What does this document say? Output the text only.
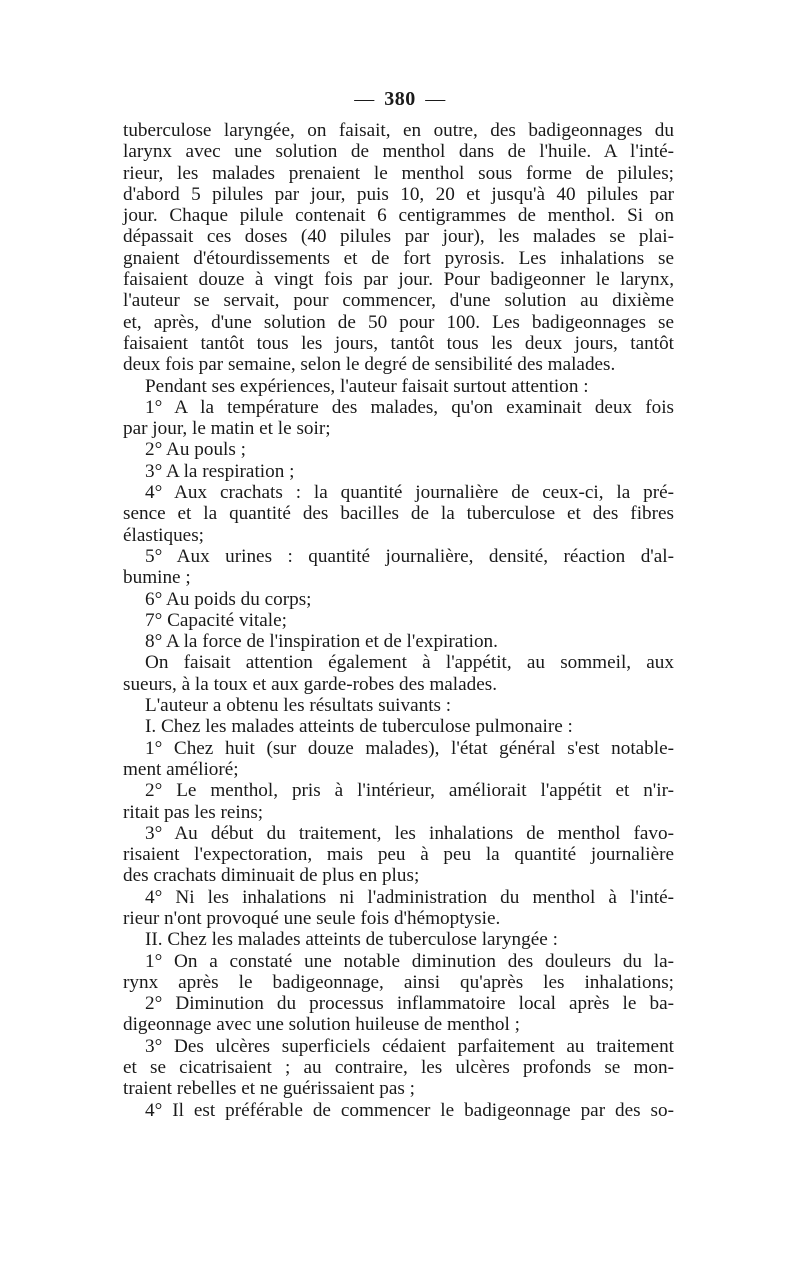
— 380 —
tuberculose laryngée, on faisait, en outre, des badigeonnages du
larynx avec une solution de menthol dans de l'huile. A l'inté-
rieur, les malades prenaient le menthol sous forme de pilules;
d'abord 5 pilules par jour, puis 10, 20 et jusqu'à 40 pilules par
jour. Chaque pilule contenait 6 centigrammes de menthol. Si on
dépassait ces doses (40 pilules par jour), les malades se plai-
gnaient d'étourdissements et de fort pyrosis. Les inhalations se
faisaient douze à vingt fois par jour. Pour badigeonner le larynx,
l'auteur se servait, pour commencer, d'une solution au dixième
et, après, d'une solution de 50 pour 100. Les badigeonnages se
faisaient tantôt tous les jours, tantôt tous les deux jours, tantôt
deux fois par semaine, selon le degré de sensibilité des malades.
Pendant ses expériences, l'auteur faisait surtout attention :
1° A la température des malades, qu'on examinait deux fois
par jour, le matin et le soir;
2° Au pouls ;
3° A la respiration ;
4° Aux crachats : la quantité journalière de ceux-ci, la pré-
sence et la quantité des bacilles de la tuberculose et des fibres
élastiques;
5° Aux urines : quantité journalière, densité, réaction d'al-
bumine ;
6° Au poids du corps;
7° Capacité vitale;
8° A la force de l'inspiration et de l'expiration.
On faisait attention également à l'appétit, au sommeil, aux
sueurs, à la toux et aux garde-robes des malades.
L'auteur a obtenu les résultats suivants :
I. Chez les malades atteints de tuberculose pulmonaire :
1° Chez huit (sur douze malades), l'état général s'est notable-
ment amélioré;
2° Le menthol, pris à l'intérieur, améliorait l'appétit et n'ir-
ritait pas les reins;
3° Au début du traitement, les inhalations de menthol favo-
risaient l'expectoration, mais peu à peu la quantité journalière
des crachats diminuait de plus en plus;
4° Ni les inhalations ni l'administration du menthol à l'inté-
rieur n'ont provoqué une seule fois d'hémoptysie.
II. Chez les malades atteints de tuberculose laryngée :
1° On a constaté une notable diminution des douleurs du la-
rynx après le badigeonnage, ainsi qu'après les inhalations;
2° Diminution du processus inflammatoire local après le ba-
digeonnage avec une solution huileuse de menthol ;
3° Des ulcères superficiels cédaient parfaitement au traitement
et se cicatrisaient ; au contraire, les ulcères profonds se mon-
traient rebelles et ne guérissaient pas ;
4° Il est préférable de commencer le badigeonnage par des so-
